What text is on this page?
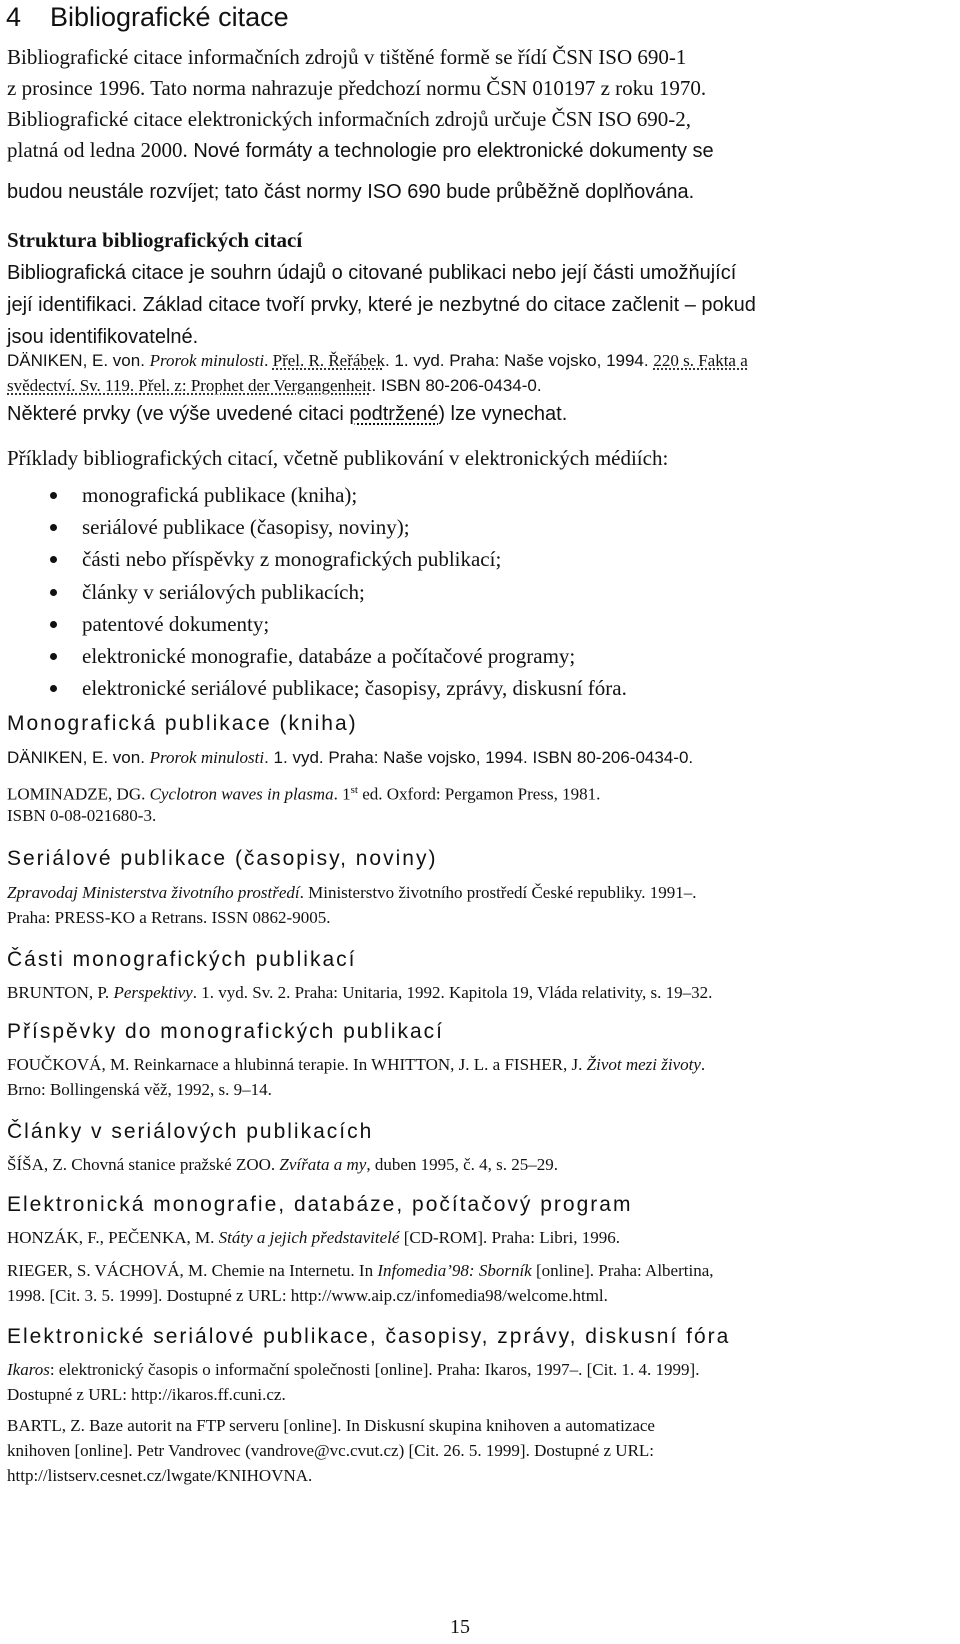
4 Bibliografické citace
Bibliografické citace informačních zdrojů v tištěné formě se řídí ČSN ISO 690-1
z prosince 1996. Tato norma nahrazuje předchozí normu ČSN 010197 z roku 1970.
Bibliografické citace elektronických informačních zdrojů určuje ČSN ISO 690-2,
platná od ledna 2000. Nové formáty a technologie pro elektronické dokumenty se
budou neustále rozvíjet; tato část normy ISO 690 bude průběžně doplňována.
Struktura bibliografických citací
Bibliografická citace je souhrn údajů o citované publikaci nebo její části umožňující
její identifikaci. Základ citace tvoří prvky, které je nezbytné do citace začlenit – pokud
jsou identifikovatelné.
DÄNIKEN, E. von. Prorok minulosti. Přel. R. Řeřábek. 1. vyd. Praha: Naše vojsko, 1994. 220 s. Fakta a
svědectví. Sv. 119. Přel. z: Prophet der Vergangenheit. ISBN 80-206-0434-0.
Některé prvky (ve výše uvedené citaci podtržené) lze vynechat.
Příklady bibliografických citací, včetně publikování v elektronických médiích:
monografická publikace (kniha);
seriálové publikace (časopisy, noviny);
části nebo příspěvky z monografických publikací;
články v seriálových publikacích;
patentové dokumenty;
elektronické monografie, databáze a počítačové programy;
elektronické seriálové publikace; časopisy, zprávy, diskusní fóra.
Monografická publikace (kniha)
DÄNIKEN, E. von. Prorok minulosti. 1. vyd. Praha: Naše vojsko, 1994. ISBN 80-206-0434-0.
LOMINADZE, DG. Cyclotron waves in plasma. 1st ed. Oxford: Pergamon Press, 1981.
ISBN 0-08-021680-3.
Seriálové publikace (časopisy, noviny)
Zpravodaj Ministerstva životního prostředí. Ministerstvo životního prostředí České republiky. 1991–.
Praha: PRESS-KO a Retrans. ISSN 0862-9005.
Části monografických publikací
BRUNTON, P. Perspektivy. 1. vyd. Sv. 2. Praha: Unitaria, 1992. Kapitola 19, Vláda relativity, s. 19–32.
Příspěvky do monografických publikací
FOUČKOVÁ, M. Reinkarnace a hlubinná terapie. In WHITTON, J. L. a FISHER, J. Život mezi životy.
Brno: Bollingenská věž, 1992, s. 9–14.
Články v seriálových publikacích
ŠÍŠA, Z. Chovná stanice pražské ZOO. Zvířata a my, duben 1995, č. 4, s. 25–29.
Elektronická monografie, databáze, počítačový program
HONZÁK, F., PEČENKA, M. Státy a jejich představitelé [CD-ROM]. Praha: Libri, 1996.
RIEGER, S. VÁCHOVÁ, M. Chemie na Internetu. In Infomedia’98: Sborník [online]. Praha: Albertina,
1998. [Cit. 3. 5. 1999]. Dostupné z URL: http://www.aip.cz/infomedia98/welcome.html.
Elektronické seriálové publikace, časopisy, zprávy, diskusní fóra
Ikaros: elektronický časopis o informační společnosti [online]. Praha: Ikaros, 1997–. [Cit. 1. 4. 1999].
Dostupné z URL: http://ikaros.ff.cuni.cz.
BARTL, Z. Baze autorit na FTP serveru [online]. In Diskusní skupina knihoven a automatizace
knihoven [online]. Petr Vandrovec (vandrove@vc.cvut.cz) [Cit. 26. 5. 1999]. Dostupné z URL:
http://listserv.cesnet.cz/lwgate/KNIHOVNA.
15
